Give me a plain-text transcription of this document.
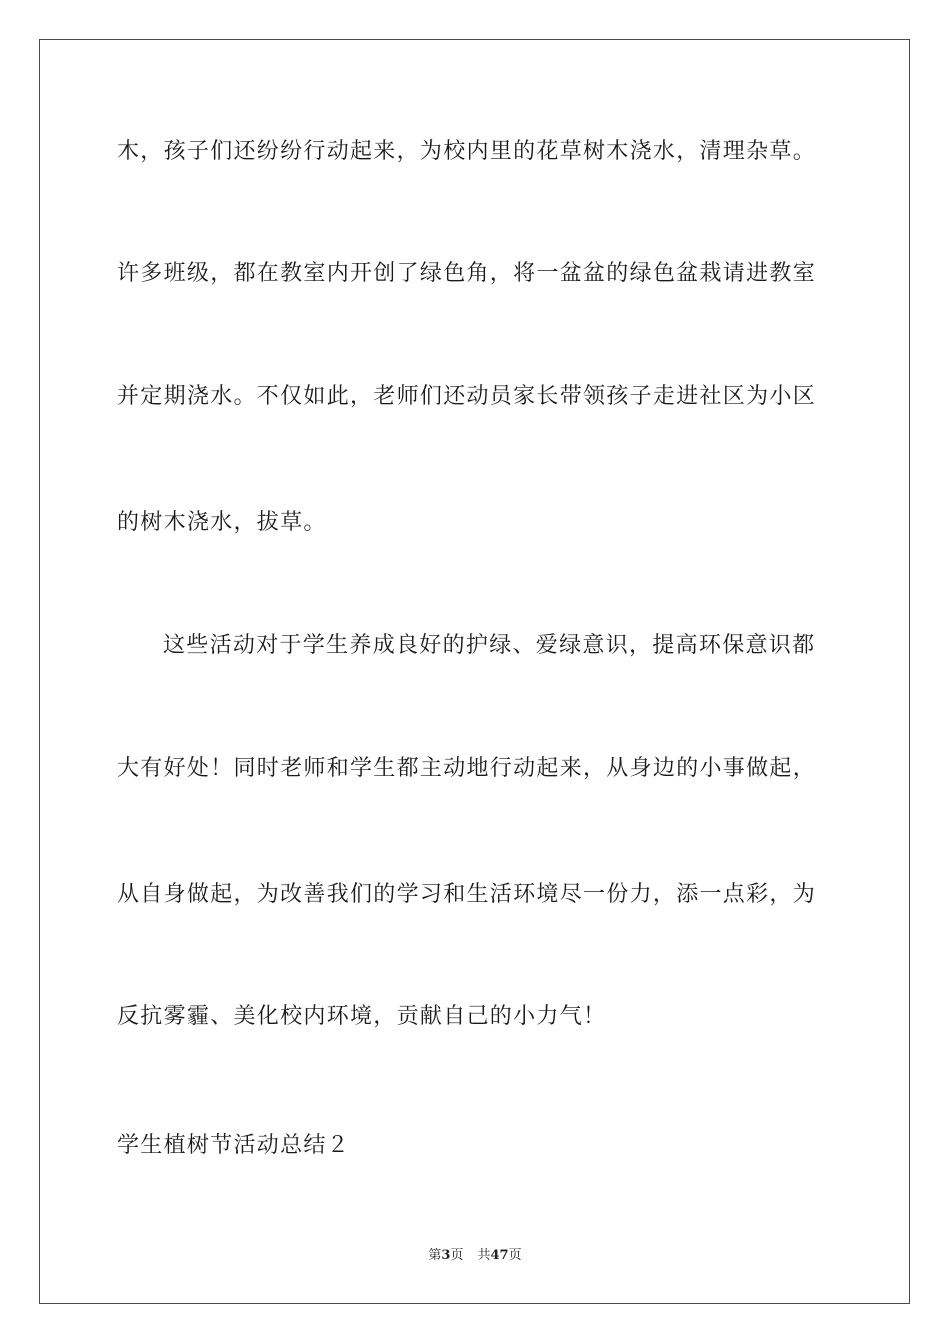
木，孩子们还纷纷行动起来，为校内里的花草树木浇水，清理杂草。
许多班级，都在教室内开创了绿色角，将一盆盆的绿色盆栽请进教室
并定期浇水。不仅如此，老师们还动员家长带领孩子走进社区为小区
的树木浇水，拔草。
这些活动对于学生养成良好的护绿、爱绿意识，提高环保意识都
大有好处！同时老师和学生都主动地行动起来，从身边的小事做起，
从自身做起，为改善我们的学习和生活环境尽一份力，添一点彩，为
反抗雾霾、美化校内环境，贡献自己的小力气！
学生植树节活动总结２
第3页 共47页
